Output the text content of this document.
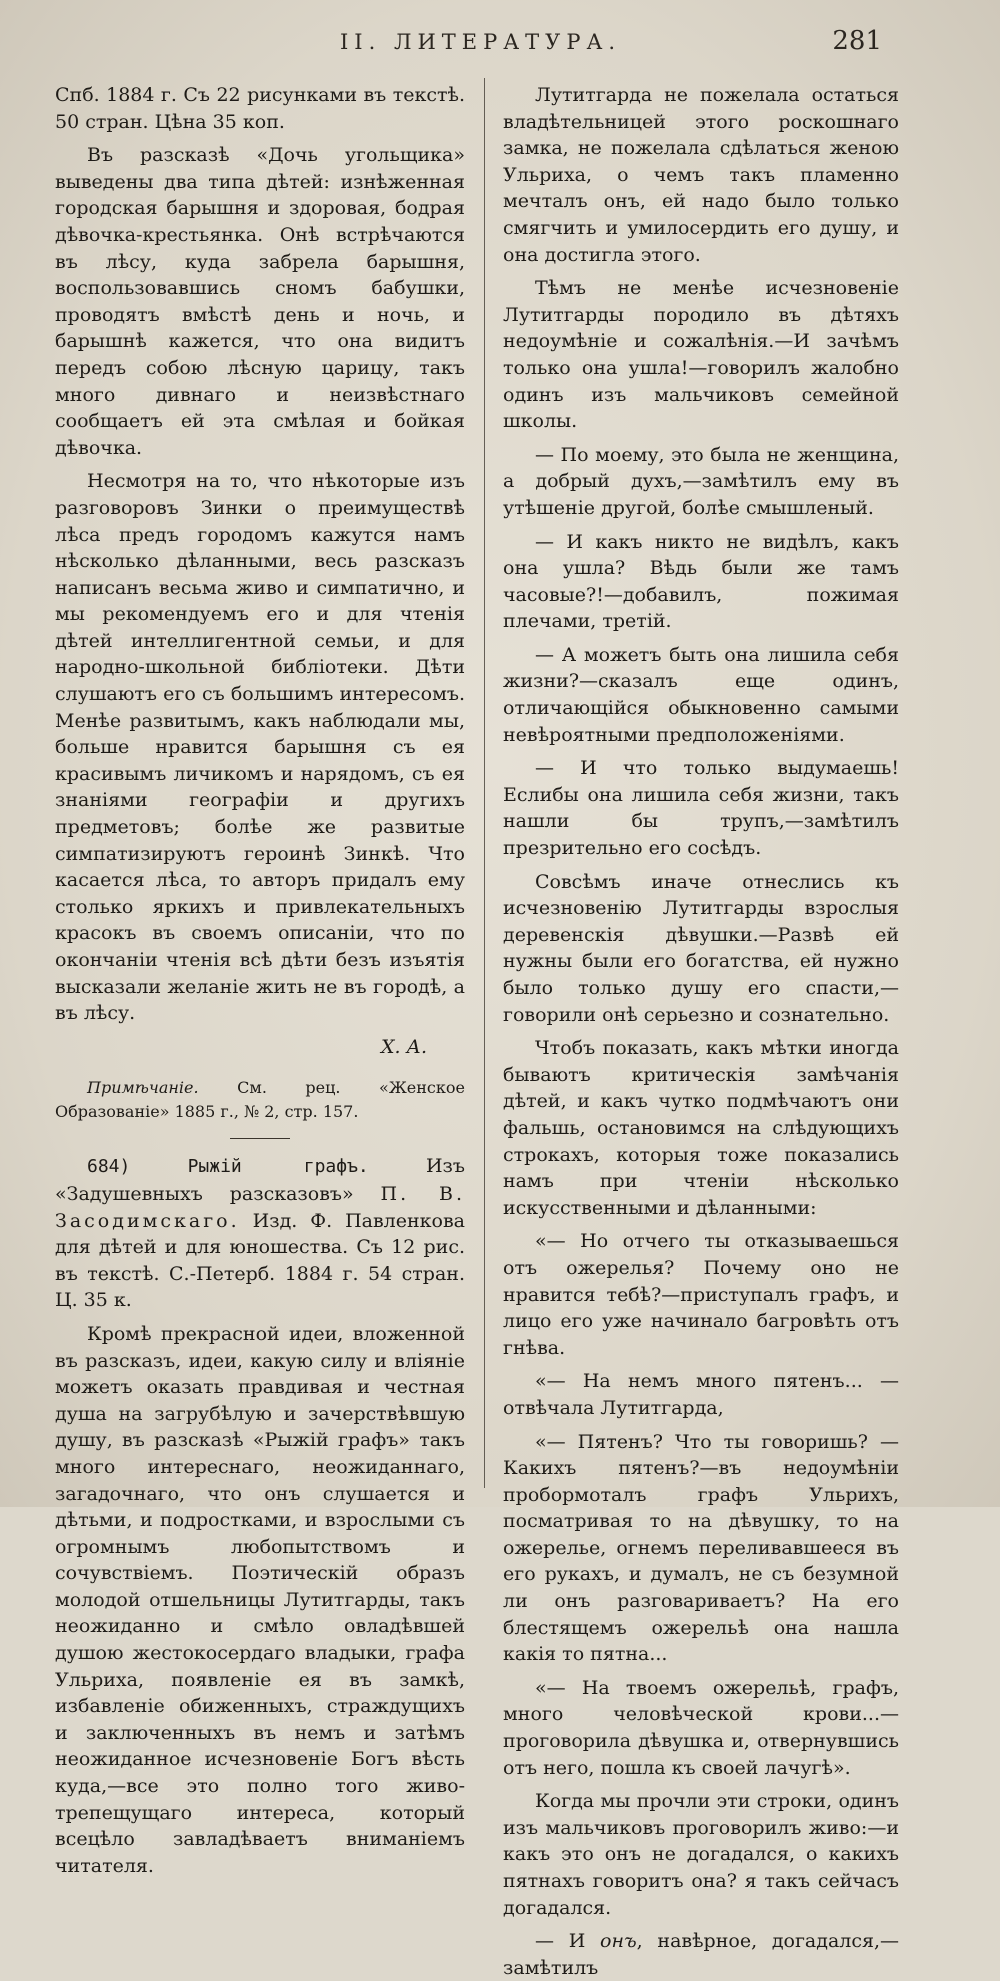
II. ЛИТЕРАТУРА.	281

Спб. 1884 г. Съ 22 рисунками въ текстѣ. 50 стран. Цѣна 35 коп.

Въ разсказѣ «Дочь угольщика» выведены два типа дѣтей: изнѣженная городская барышня и здоровая, бодрая дѣвочка-крестьянка. Онѣ встрѣчаются въ лѣсу, куда забрела барышня, воспользовавшись сномъ бабушки, проводятъ вмѣстѣ день и ночь, и барышнѣ кажется, что она видитъ передъ собою лѣсную царицу, такъ много дивнаго и неизвѣстнаго сообщаетъ ей эта смѣлая и бойкая дѣвочка.

Несмотря на то, что нѣкоторые изъ разговоровъ Зинки о преимуществѣ лѣса предъ городомъ кажутся намъ нѣсколько дѣланными, весь разсказъ написанъ весьма живо и симпатично, и мы рекомендуемъ его и для чтенія дѣтей интеллигентной семьи, и для народно-школьной библіотеки. Дѣти слушаютъ его съ большимъ интересомъ. Менѣе развитымъ, какъ наблюдали мы, больше нравится барышня съ ея красивымъ личикомъ и нарядомъ, съ ея знаніями географіи и другихъ предметовъ; болѣе же развитые симпатизируютъ героинѣ Зинкѣ. Что касается лѣса, то авторъ придалъ ему столько яркихъ и привлекательныхъ красокъ въ своемъ описаніи, что по окончаніи чтенія всѣ дѣти безъ изъятія высказали желаніе жить не въ городѣ, а въ лѣсу.

Х. А.
Примѣчаніе. См. рец. «Женское Образованіе» 1885 г., № 2, стр. 157.
684)	Рыжій графъ.	Изъ «Задушевныхъ разсказовъ» П. В. Засодимскаго. Изд. Ф. Павленкова для дѣтей и для юношества. Съ 12 рис. въ текстѣ. С.-Петерб. 1884 г. 54 стран. Ц. 35 к.

Кромѣ прекрасной идеи, вложенной въ разсказъ, идеи, какую силу и вліяніе можетъ оказать правдивая и честная душа на загрубѣлую и зачерствѣвшую душу, въ разсказѣ «Рыжій графъ» такъ много интереснаго, неожиданнаго, загадочнаго, что онъ слушается и дѣтьми, и подростками, и взрослыми съ огромнымъ любопытствомъ и сочувствіемъ. Поэтическій образъ молодой отшельницы Лутитгарды, такъ неожиданно и смѣло овладѣвшей душою жестокосердаго владыки, графа Ульриха, появленіе ея въ замкѣ, избавленіе обиженныхъ, страждущихъ и заключенныхъ въ немъ и затѣмъ неожиданное исчезновеніе Богъ вѣсть куда,—все это полно того живо-трепещущаго интереса, который всецѣло завладѣваетъ вниманіемъ читателя.

Лутитгарда не пожелала остаться владѣтельницей этого роскошнаго замка, не пожелала сдѣлаться женою Ульриха, о чемъ такъ пламенно мечталъ онъ, ей надо было только смягчить и умилосердить его душу, и она достигла этого.

Тѣмъ не менѣе исчезновеніе Лутитгарды породило въ дѣтяхъ недоумѣніе и сожалѣнія.—И зачѣмъ только она ушла!—говорилъ жалобно одинъ изъ мальчиковъ семейной школы.

— По моему, это была не женщина, а добрый духъ,—замѣтилъ ему въ утѣшеніе другой, болѣе смышленый.

— И какъ никто не видѣлъ, какъ она ушла? Вѣдь были же тамъ часовые?!—добавилъ, пожимая плечами, третій.

— А можетъ быть она лишила себя жизни?—сказалъ еще одинъ, отличающійся обыкновенно самыми невѣроятными предположеніями.

— И что только выдумаешь! Еслибы она лишила себя жизни, такъ нашли бы трупъ,—замѣтилъ презрительно его сосѣдъ.

Совсѣмъ иначе отнеслись къ исчезновенію Лутитгарды взрослыя деревенскія дѣвушки.—Развѣ ей нужны были его богатства, ей нужно было только душу его спасти,—говорили онѣ серьезно и сознательно.

Чтобъ показать, какъ мѣтки иногда бываютъ критическія замѣчанія дѣтей, и какъ чутко подмѣчаютъ они фальшь, остановимся на слѣдующихъ строкахъ, которыя тоже показались намъ при чтеніи нѣсколько искусственными и дѣланными:

«— Но отчего ты отказываешься отъ ожерелья? Почему оно не нравится тебѣ?—приступалъ графъ, и лицо его уже начинало багровѣть отъ гнѣва.

«— На немъ много пятенъ... — отвѣчала Лутитгарда,

«— Пятенъ? Что ты говоришь? — Какихъ пятенъ?—въ недоумѣніи пробормоталъ графъ Ульрихъ, посматривая то на дѣвушку, то на ожерелье, огнемъ переливавшееся въ его рукахъ, и думалъ, не съ безумной ли онъ разговариваетъ? На его блестящемъ ожерельѣ она нашла какія то пятна...

«— На твоемъ ожерельѣ, графъ, много человѣческой крови...—проговорила дѣвушка и, отвернувшись отъ него, пошла къ своей лачугѣ».

Когда мы прочли эти строки, одинъ изъ мальчиковъ проговорилъ живо:—и какъ это онъ не догадался, о какихъ пятнахъ говоритъ она? я такъ сейчасъ догадался.

— И онъ, навѣрное, догадался,—замѣтилъ
